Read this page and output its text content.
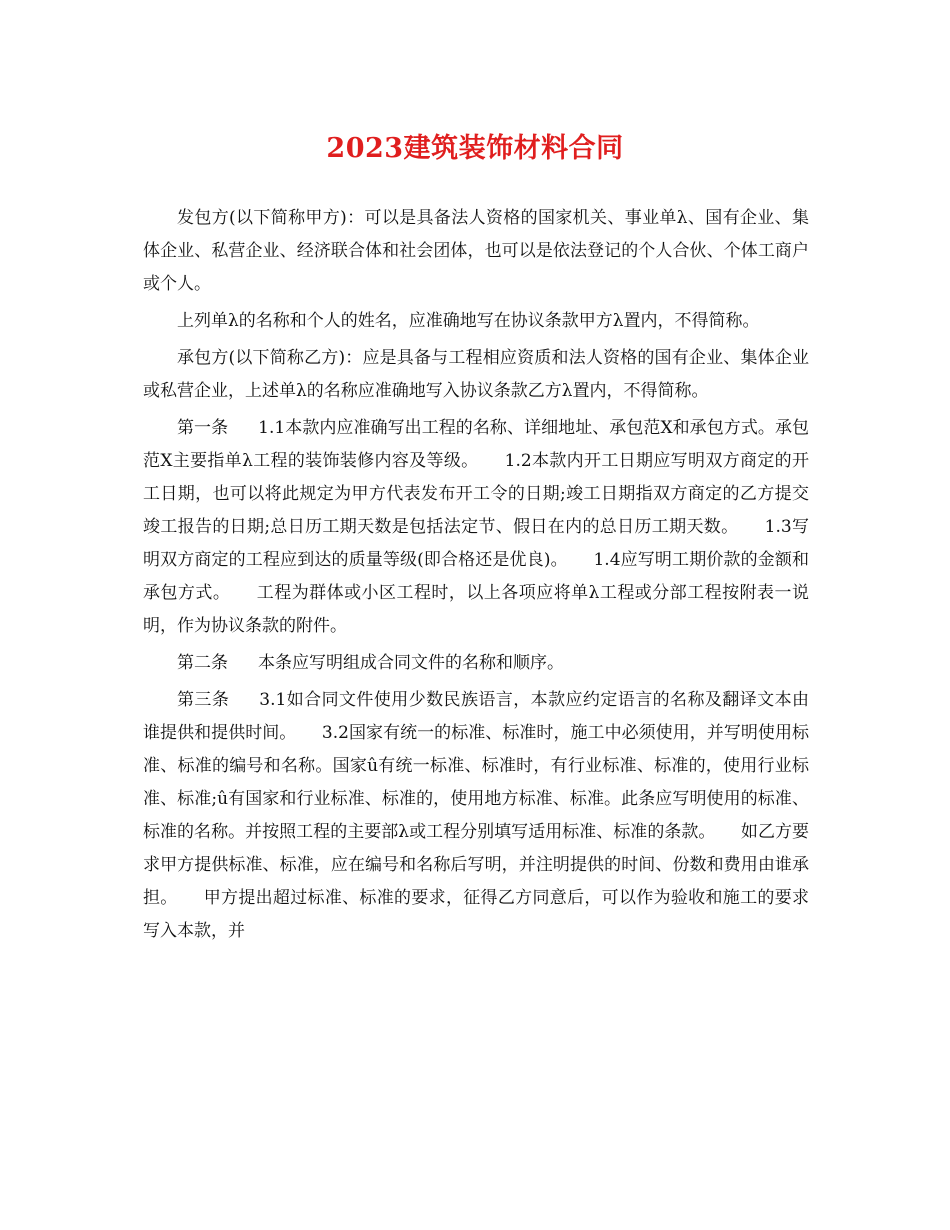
2023建筑装饰材料合同

发包方(以下简称甲方)：可以是具备法人资格的国家机关、事业单λ、国有企业、集体企业、私营企业、经济联合体和社会团体，也可以是依法登记的个人合伙、个体工商户或个人。

上列单λ的名称和个人的姓名，应准确地写在协议条款甲方λ置内，不得简称。

承包方(以下简称乙方)：应是具备与工程相应资质和法人资格的国有企业、集体企业或私营企业，上述单λ的名称应准确地写入协议条款乙方λ置内，不得简称。

第一条 1.1本款内应准确写出工程的名称、详细地址、承包范X和承包方式。承包范X主要指单λ工程的装饰装修内容及等级。　　1.2本款内开工日期应写明双方商定的开工日期，也可以将此规定为甲方代表发布开工令的日期;竣工日期指双方商定的乙方提交竣工报告的日期;总日历工期天数是包括法定节、假日在内的总日历工期天数。　　1.3写明双方商定的工程应到达的质量等级(即合格还是优良)。　　1.4应写明工期价款的金额和承包方式。　　工程为群体或小区工程时，以上各项应将单λ工程或分部工程按附表一说明，作为协议条款的附件。

第二条 本条应写明组成合同文件的名称和顺序。

第三条 3.1如合同文件使用少数民族语言，本款应约定语言的名称及翻译文本由谁提供和提供时间。　　3.2国家有统一的标准、标准时，施工中必须使用，并写明使用标准、标准的编号和名称。国家û有统一标准、标准时，有行业标准、标准的，使用行业标准、标准;û有国家和行业标准、标准的，使用地方标准、标准。此条应写明使用的标准、标准的名称。并按照工程的主要部λ或工程分别填写适用标准、标准的条款。　　如乙方要求甲方提供标准、标准，应在编号和名称后写明，并注明提供的时间、份数和费用由谁承担。　　甲方提出超过标准、标准的要求，征得乙方同意后，可以作为验收和施工的要求写入本款，并
